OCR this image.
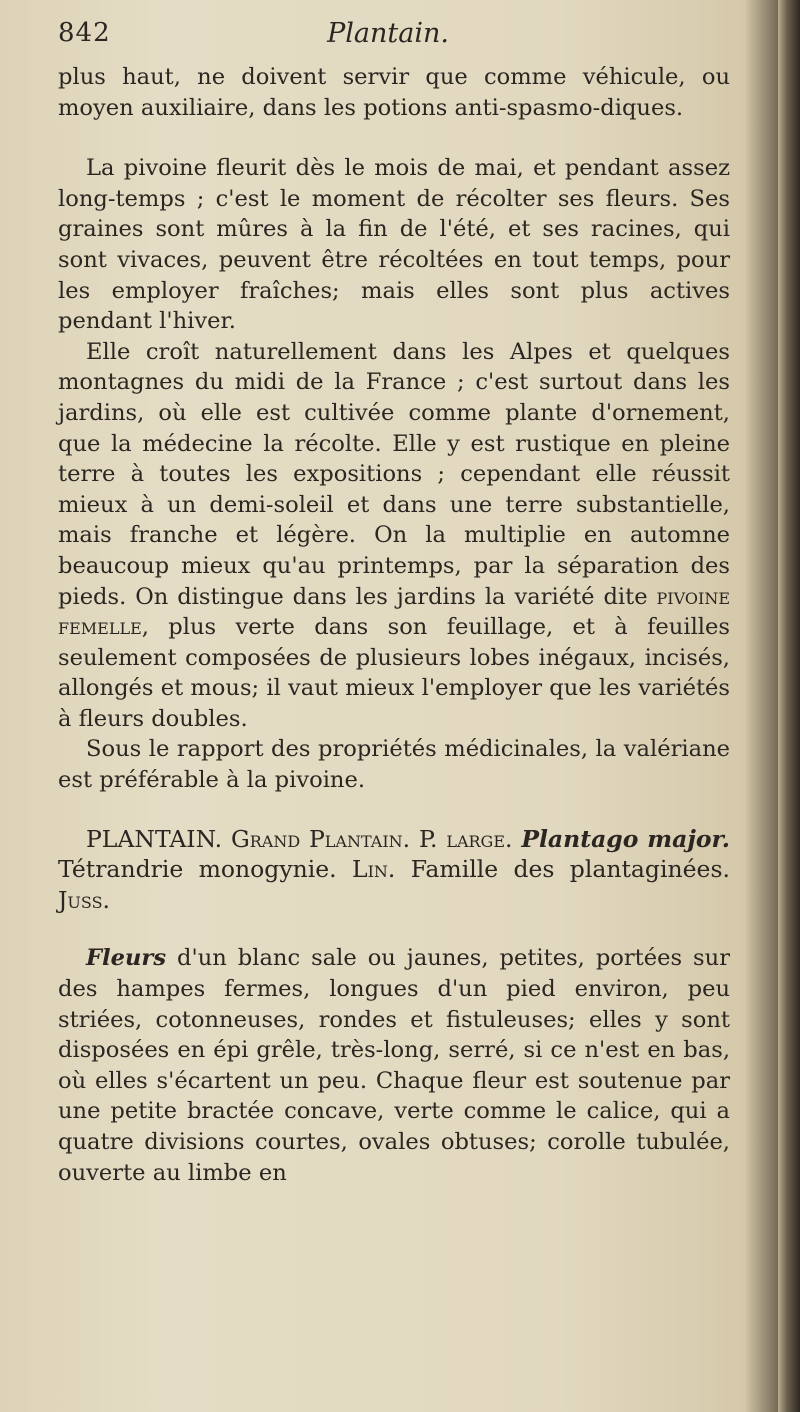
842	Plantain.

plus haut, ne doivent servir que comme véhicule, ou moyen auxiliaire, dans les potions anti-spasmo-diques.

La pivoine fleurit dès le mois de mai, et pendant assez long-temps ; c'est le moment de récolter ses fleurs. Ses graines sont mûres à la fin de l'été, et ses racines, qui sont vivaces, peuvent être récoltées en tout temps, pour les employer fraîches; mais elles sont plus actives pendant l'hiver.

Elle croît naturellement dans les Alpes et quelques montagnes du midi de la France ; c'est surtout dans les jardins, où elle est cultivée comme plante d'ornement, que la médecine la récolte. Elle y est rustique en pleine terre à toutes les expositions ; cependant elle réussit mieux à un demi-soleil et dans une terre substantielle, mais franche et légère. On la multiplie en automne beaucoup mieux qu'au printemps, par la séparation des pieds. On distingue dans les jardins la variété dite pivoine femelle, plus verte dans son feuillage, et à feuilles seulement composées de plusieurs lobes inégaux, incisés, allongés et mous; il vaut mieux l'employer que les variétés à fleurs doubles.

Sous le rapport des propriétés médicinales, la valériane est préférable à la pivoine.

PLANTAIN. Grand Plantain. P. large. Plantago major. Tétrandrie monogynie. Lin. Famille des plantaginées. Juss.

Fleurs d'un blanc sale ou jaunes, petites, portées sur des hampes fermes, longues d'un pied environ, peu striées, cotonneuses, rondes et fistuleuses; elles y sont disposées en épi grêle, très-long, serré, si ce n'est en bas, où elles s'écartent un peu. Chaque fleur est soutenue par une petite bractée concave, verte comme le calice, qui a quatre divisions courtes, ovales obtuses; corolle tubulée, ouverte au limbe en
